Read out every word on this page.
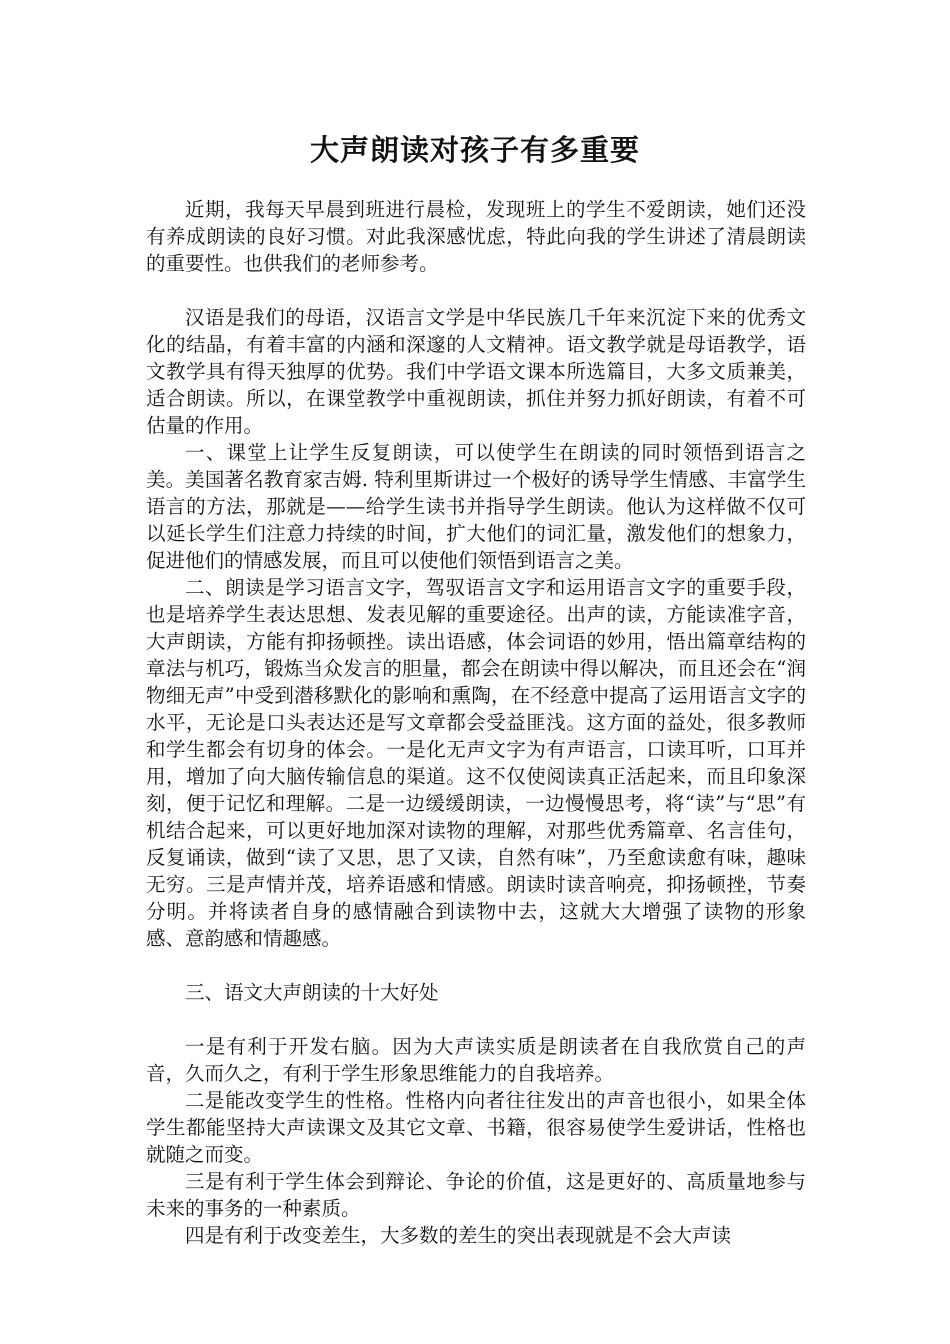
大声朗读对孩子有多重要

近期，我每天早晨到班进行晨检，发现班上的学生不爱朗读，她们还没有养成朗读的良好习惯。对此我深感忧虑，特此向我的学生讲述了清晨朗读的重要性。也供我们的老师参考。

汉语是我们的母语，汉语言文学是中华民族几千年来沉淀下来的优秀文化的结晶，有着丰富的内涵和深邃的人文精神。语文教学就是母语教学，语文教学具有得天独厚的优势。我们中学语文课本所选篇目，大多文质兼美，适合朗读。所以，在课堂教学中重视朗读，抓住并努力抓好朗读，有着不可估量的作用。

一、课堂上让学生反复朗读，可以使学生在朗读的同时领悟到语言之美。美国著名教育家吉姆. 特利里斯讲过一个极好的诱导学生情感、丰富学生语言的方法，那就是——给学生读书并指导学生朗读。他认为这样做不仅可以延长学生们注意力持续的时间，扩大他们的词汇量，激发他们的想象力，促进他们的情感发展，而且可以使他们领悟到语言之美。

二、朗读是学习语言文字，驾驭语言文字和运用语言文字的重要手段，也是培养学生表达思想、发表见解的重要途径。出声的读，方能读准字音，大声朗读，方能有抑扬顿挫。读出语感，体会词语的妙用，悟出篇章结构的章法与机巧，锻炼当众发言的胆量，都会在朗读中得以解决，而且还会在“润物细无声”中受到潜移默化的影响和熏陶，在不经意中提高了运用语言文字的水平，无论是口头表达还是写文章都会受益匪浅。这方面的益处，很多教师和学生都会有切身的体会。一是化无声文字为有声语言，口读耳听，口耳并用，增加了向大脑传输信息的渠道。这不仅使阅读真正活起来，而且印象深刻，便于记忆和理解。二是一边缓缓朗读，一边慢慢思考，将“读”与“思”有机结合起来，可以更好地加深对读物的理解，对那些优秀篇章、名言佳句，反复诵读，做到“读了又思，思了又读，自然有味”，乃至愈读愈有味，趣味无穷。三是声情并茂，培养语感和情感。朗读时读音响亮，抑扬顿挫，节奏分明。并将读者自身的感情融合到读物中去，这就大大增强了读物的形象感、意韵感和情趣感。

三、语文大声朗读的十大好处

一是有利于开发右脑。因为大声读实质是朗读者在自我欣赏自己的声音，久而久之，有利于学生形象思维能力的自我培养。

二是能改变学生的性格。性格内向者往往发出的声音也很小，如果全体学生都能坚持大声读课文及其它文章、书籍，很容易使学生爱讲话，性格也就随之而变。

三是有利于学生体会到辩论、争论的价值，这是更好的、高质量地参与未来的事务的一种素质。

四是有利于改变差生，大多数的差生的突出表现就是不会大声读
